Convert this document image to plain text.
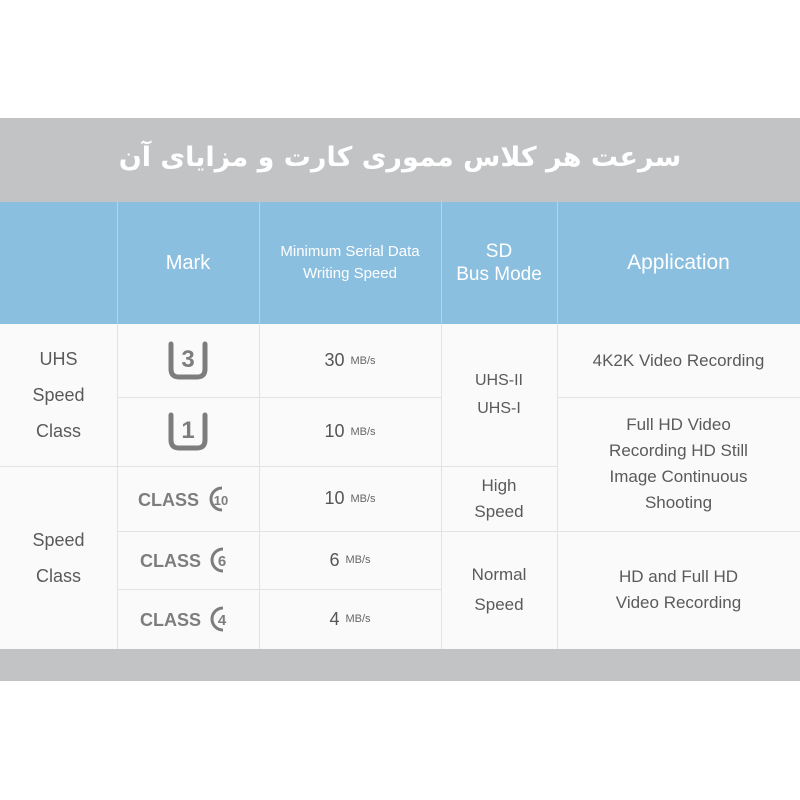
سرعت هر کلاس مموری کارت و مزایای آن
Mark	Minimum Serial Data
Writing Speed
SD
Bus Mode
Application
UHS
Speed
Class
Speed
Class
3
1
CLASS 10
CLASS 6
CLASS 4
30 MB/s
10 MB/s
10 MB/s
6 MB/s
4 MB/s
UHS-II
UHS-I
High
Speed
Normal
Speed
4K2K Video Recording
Full HD Video
Recording HD Still
Image Continuous
Shooting
HD and Full HD
Video Recording
